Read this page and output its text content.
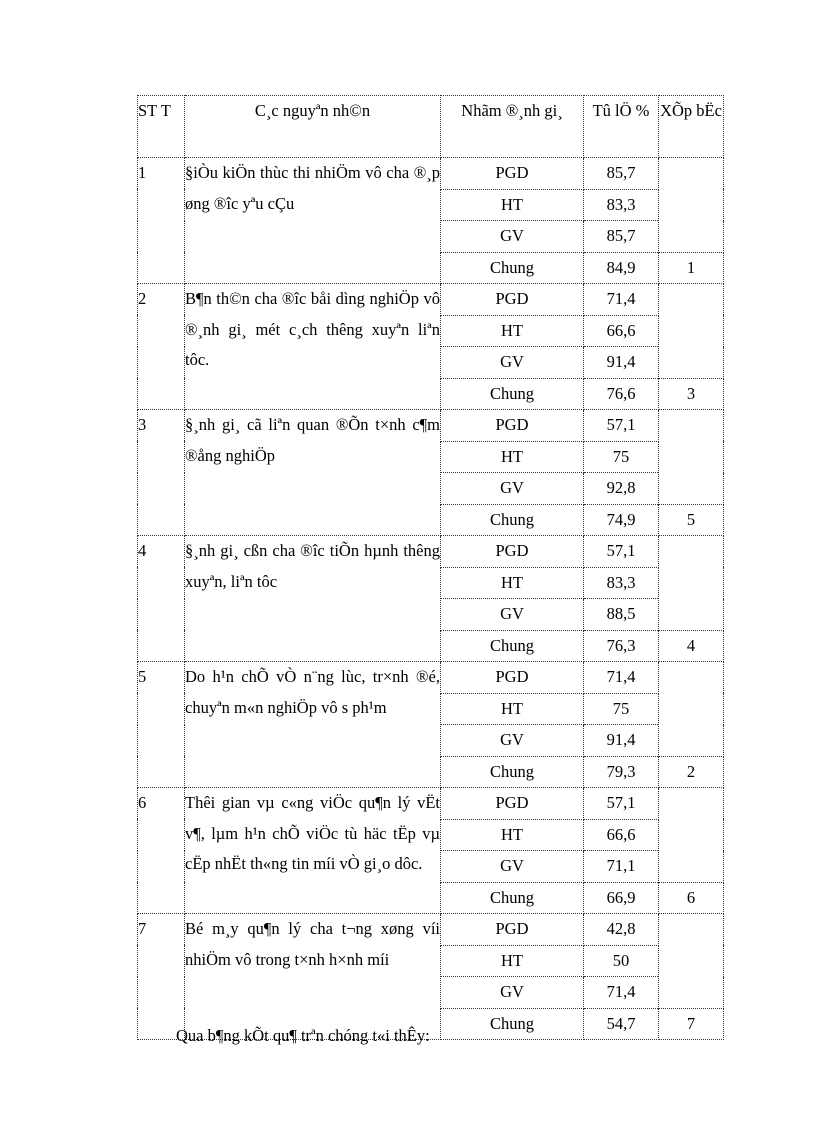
ST T	C¸c nguyªn nh©n	Nhãm ®¸nh gi¸	Tû lÖ %	XÕp bËc
1	§iÒu kiÖn thùc thi nhiÖm vô cha ®¸p øng ®îc yªu cÇu	PGD	85,7	
		HT	83,3	
		GV	85,7	
		Chung	84,9	1
2	B¶n th©n cha ®îc båi dìng nghiÖp vô ®¸nh gi¸ mét c¸ch thêng xuyªn liªn tôc.	PGD	71,4	
		HT	66,6	
		GV	91,4	
		Chung	76,6	3
3	§¸nh gi¸ cã liªn quan ®Õn t×nh c¶m ®ång nghiÖp	PGD	57,1	
		HT	75	
		GV	92,8	
		Chung	74,9	5
4	§¸nh gi¸ cßn cha ®îc tiÕn hµnh thêng xuyªn, liªn tôc	PGD	57,1	
		HT	83,3	
		GV	88,5	
		Chung	76,3	4
5	Do h¹n chÕ vÒ n¨ng lùc, tr×nh ®é, chuyªn m«n nghiÖp vô s ph¹m	PGD	71,4	
		HT	75	
		GV	91,4	
		Chung	79,3	2
6	Thêi gian vµ c«ng viÖc qu¶n lý vËt v¶, lµm h¹n chÕ viÖc tù häc tËp vµ cËp nhËt th«ng tin míi vÒ gi¸o dôc.	PGD	57,1	
		HT	66,6	
		GV	71,1	
		Chung	66,9	6
7	Bé m¸y qu¶n lý cha t¬ng xøng víi nhiÖm vô trong t×nh h×nh míi	PGD	42,8	
		HT	50	
		GV	71,4	
		Chung	54,7	7
Qua b¶ng kÕt qu¶ trªn chóng t«i thÊy:
